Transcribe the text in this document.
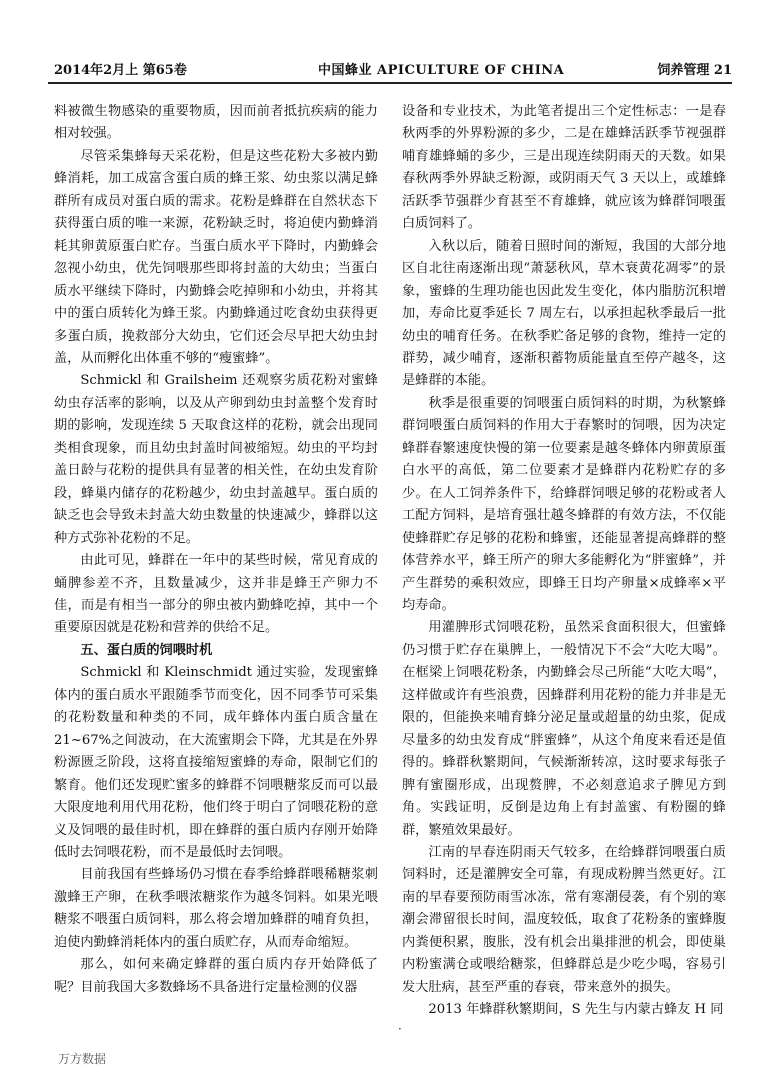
2014年2月上 第65卷	中国蜂业 APICULTURE OF CHINA	饲养管理 21

料被微生物感染的重要物质，因而前者抵抗疾病的能力相对较强。

尽管采集蜂每天采花粉，但是这些花粉大多被内勤蜂消耗，加工成富含蛋白质的蜂王浆、幼虫浆以满足蜂群所有成员对蛋白质的需求。花粉是蜂群在自然状态下获得蛋白质的唯一来源，花粉缺乏时，将迫使内勤蜂消耗其卵黄原蛋白贮存。当蛋白质水平下降时，内勤蜂会忽视小幼虫，优先饲喂那些即将封盖的大幼虫；当蛋白质水平继续下降时，内勤蜂会吃掉卵和小幼虫，并将其中的蛋白质转化为蜂王浆。内勤蜂通过吃食幼虫获得更多蛋白质，挽救部分大幼虫，它们还会尽早把大幼虫封盖，从而孵化出体重不够的“瘦蜜蜂”。

Schmickl 和 Grailsheim 还观察劣质花粉对蜜蜂幼虫存活率的影响，以及从产卵到幼虫封盖整个发育时期的影响，发现连续 5 天取食这样的花粉，就会出现同类相食现象，而且幼虫封盖时间被缩短。幼虫的平均封盖日龄与花粉的提供具有显著的相关性，在幼虫发育阶段，蜂巢内储存的花粉越少，幼虫封盖越早。蛋白质的缺乏也会导致未封盖大幼虫数量的快速减少，蜂群以这种方式弥补花粉的不足。

由此可见，蜂群在一年中的某些时候，常见育成的蛹脾参差不齐，且数量减少，这并非是蜂王产卵力不佳，而是有相当一部分的卵虫被内勤蜂吃掉，其中一个重要原因就是花粉和营养的供给不足。

五、蛋白质的饲喂时机

Schmickl 和 Kleinschmidt 通过实验，发现蜜蜂体内的蛋白质水平跟随季节而变化，因不同季节可采集的花粉数量和种类的不同，成年蜂体内蛋白质含量在 21~67%之间波动，在大流蜜期会下降，尤其是在外界粉源匮乏阶段，这将直接缩短蜜蜂的寿命，限制它们的繁育。他们还发现贮蜜多的蜂群不饲喂糖浆反而可以最大限度地利用代用花粉，他们终于明白了饲喂花粉的意义及饲喂的最佳时机，即在蜂群的蛋白质内存刚开始降低时去饲喂花粉，而不是最低时去饲喂。

目前我国有些蜂场仍习惯在春季给蜂群喂稀糖浆刺激蜂王产卵，在秋季喂浓糖浆作为越冬饲料。如果光喂糖浆不喂蛋白质饲料，那么将会增加蜂群的哺育负担，迫使内勤蜂消耗体内的蛋白质贮存，从而寿命缩短。

那么，如何来确定蜂群的蛋白质内存开始降低了呢？目前我国大多数蜂场不具备进行定量检测的仪器

设备和专业技术，为此笔者提出三个定性标志：一是春秋两季的外界粉源的多少，二是在雄蜂活跃季节视强群哺育雄蜂蛹的多少，三是出现连续阴雨天的天数。如果春秋两季外界缺乏粉源，或阴雨天气 3 天以上，或雄蜂活跃季节强群少育甚至不育雄蜂，就应该为蜂群饲喂蛋白质饲料了。

入秋以后，随着日照时间的渐短，我国的大部分地区自北往南逐渐出现“萧瑟秋风，草木衰黄花凋零”的景象，蜜蜂的生理功能也因此发生变化，体内脂肪沉积增加，寿命比夏季延长 7 周左右，以承担起秋季最后一批幼虫的哺育任务。在秋季贮备足够的食物，维持一定的群势，减少哺育，逐渐积蓄物质能量直至停产越冬，这是蜂群的本能。

秋季是很重要的饲喂蛋白质饲料的时期，为秋繁蜂群饲喂蛋白质饲料的作用大于春繁时的饲喂，因为决定蜂群春繁速度快慢的第一位要素是越冬蜂体内卵黄原蛋白水平的高低，第二位要素才是蜂群内花粉贮存的多少。在人工饲养条件下，给蜂群饲喂足够的花粉或者人工配方饲料，是培育强壮越冬蜂群的有效方法，不仅能使蜂群贮存足够的花粉和蜂蜜，还能显著提高蜂群的整体营养水平，蜂王所产的卵大多能孵化为“胖蜜蜂”，并产生群势的乘积效应，即蜂王日均产卵量×成蜂率×平均寿命。

用灌脾形式饲喂花粉，虽然采食面积很大，但蜜蜂仍习惯于贮存在巢脾上，一般情况下不会“大吃大喝”。在框梁上饲喂花粉条，内勤蜂会尽己所能“大吃大喝”，这样做或许有些浪费，因蜂群利用花粉的能力并非是无限的，但能换来哺育蜂分泌足量或超量的幼虫浆，促成尽量多的幼虫发育成“胖蜜蜂”，从这个角度来看还是值得的。蜂群秋繁期间，气候渐渐转凉，这时要求每张子脾有蜜圈形成，出现赘脾，不必刻意追求子脾见方到角。实践证明，反倒是边角上有封盖蜜、有粉圈的蜂群，繁殖效果最好。

江南的早春连阴雨天气较多，在给蜂群饲喂蛋白质饲料时，还是灌脾安全可靠，有现成粉脾当然更好。江南的早春要预防雨雪冰冻，常有寒潮侵袭，有个别的寒潮会滞留很长时间，温度较低，取食了花粉条的蜜蜂腹内粪便积累，腹胀，没有机会出巢排泄的机会，即使巢内粉蜜满仓或喂给糖浆，但蜂群总是少吃少喝，容易引发大肚病，甚至严重的春衰，带来意外的损失。

2013 年蜂群秋繁期间，S 先生与内蒙古蜂友 H 同

·
万方数据
